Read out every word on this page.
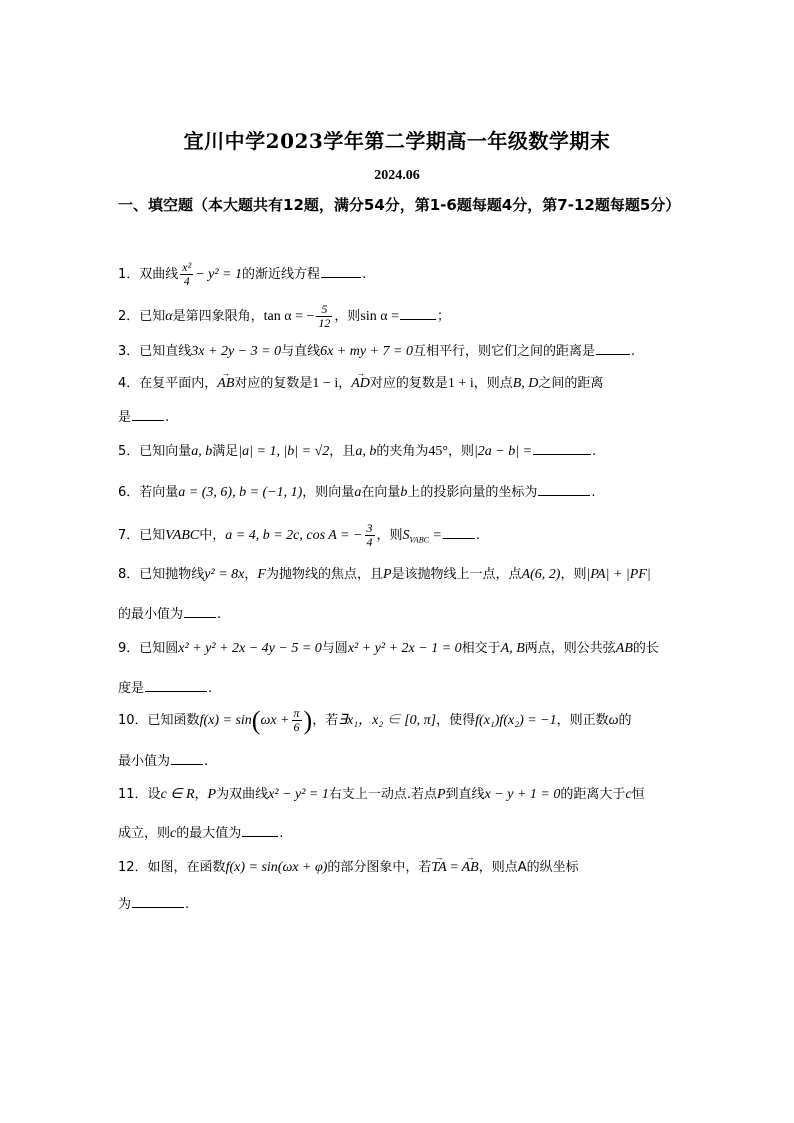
宜川中学2023学年第二学期高一年级数学期末
2024.06
一、填空题（本大题共有12题，满分54分，第1-6题每题4分，第7-12题每题5分）
1．双曲线 $\frac{\text{x²}}{4} - y^2 = 1$的渐近线方程	.
2．已知α是第四象限角，tan α = − $\frac{5}{12}$ ，则sin α =	；
3．已知直线3x + 2y − 3 = 0与直线6x + my + 7 = 0互相平行，则它们之间的距离是	.
4．在复平面内，→ AB对应的复数是1 − i，→ AD对应的复数是1 + i，则点B, D之间的距离
是	.
5．已知向量a, b满足|a| = 1, |b| = √2，且a, b的夹角为45°，则|2a − b| =	.
6．若向量a = (3, 6), b = (−1, 1)，则向量a在向量b上的投影向量的坐标为	.
7．已知VABC中，a = 4, b = 2c, cos A = − $\frac{3}{4}$ ，则$S_{VABC}$ =	.
8．已知抛物线y² = 8x，F为抛物线的焦点，且P是该抛物线上一点，点A(6, 2)，则|PA| + |PF|
的最小值为	.
9．已知圆x² + y² + 2x − 4y − 5 = 0与圆x² + y² + 2x − 1 = 0相交于A, B两点，则公共弦AB的长
度是	.
10．已知函数$f(x) = \sin(\omega x + \frac{\pi}{6}$ )，若∃x₁，x₂ ∈ [0, π]，使得f(x₁)f(x₂) = −1，则正数ω的
最小值为	.
11．设c ∈ R，P为双曲线x² − y² = 1右支上一动点.若点P到直线x − y + 1 = 0的距离大于c恒
成立，则c的最大值为	.
12．如图，在函数f(x) = sin(ωx + φ)的部分图象中，若→ TA = → AB，则点A的纵坐标
为	.
